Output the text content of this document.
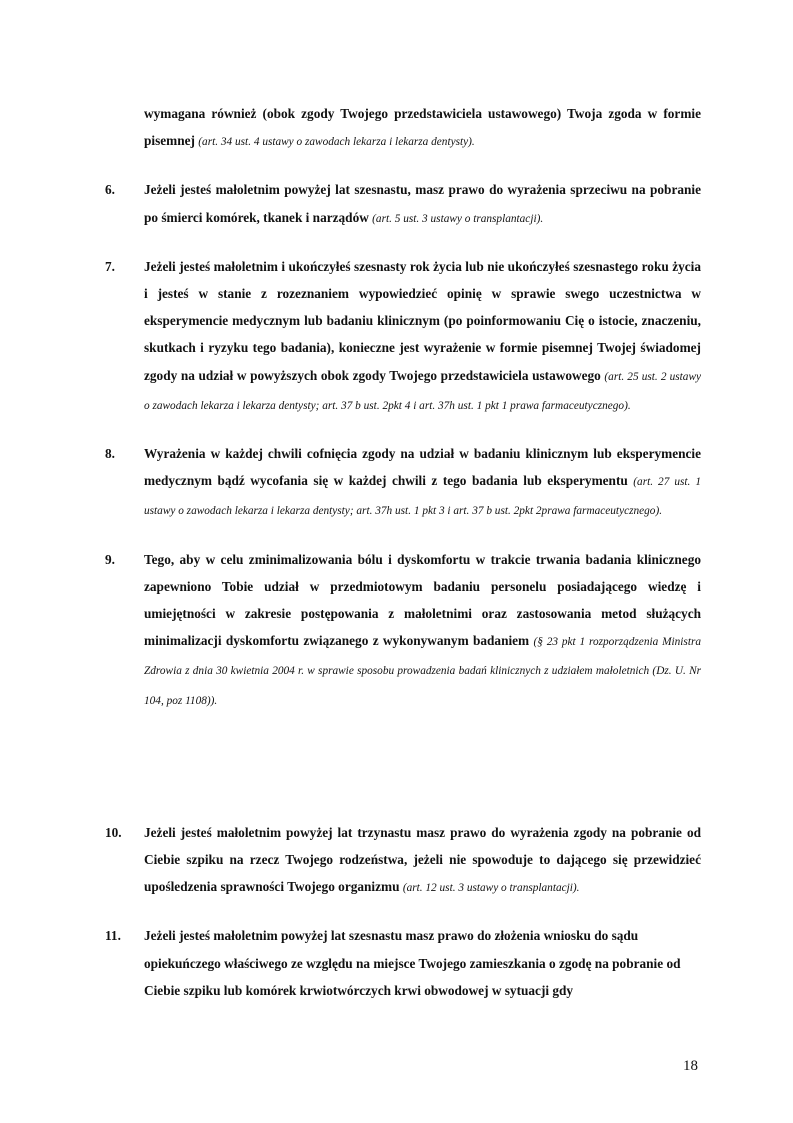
wymagana również (obok zgody Twojego przedstawiciela ustawowego) Twoja zgoda w formie pisemnej (art. 34 ust. 4 ustawy o zawodach lekarza i lekarza dentysty).

6. Jeżeli jesteś małoletnim powyżej lat szesnastu, masz prawo do wyrażenia sprzeciwu na pobranie po śmierci komórek, tkanek i narządów (art. 5 ust. 3 ustawy o transplantacji).

7. Jeżeli jesteś małoletnim i ukończyłeś szesnasty rok życia lub nie ukończyłeś szesnastego roku życia i jesteś w stanie z rozeznaniem wypowiedzieć opinię w sprawie swego uczestnictwa w eksperymencie medycznym lub badaniu klinicznym (po poinformowaniu Cię o istocie, znaczeniu, skutkach i ryzyku tego badania), konieczne jest wyrażenie w formie pisemnej Twojej świadomej zgody na udział w powyższych obok zgody Twojego przedstawiciela ustawowego (art. 25 ust. 2 ustawy o zawodach lekarza i lekarza dentysty; art. 37 b ust. 2pkt 4 i art. 37h ust. 1 pkt 1 prawa farmaceutycznego).

8. Wyrażenia w każdej chwili cofnięcia zgody na udział w badaniu klinicznym lub eksperymencie medycznym bądź wycofania się w każdej chwili z tego badania lub eksperymentu (art. 27 ust. 1 ustawy o zawodach lekarza i lekarza dentysty; art. 37h ust. 1 pkt 3 i art. 37 b ust. 2pkt 2prawa farmaceutycznego).

9. Tego, aby w celu zminimalizowania bólu i dyskomfortu w trakcie trwania badania klinicznego zapewniono Tobie udział w przedmiotowym badaniu personelu posiadającego wiedzę i umiejętności w zakresie postępowania z małoletnimi oraz zastosowania metod służących minimalizacji dyskomfortu związanego z wykonywanym badaniem (§ 23 pkt 1 rozporządzenia Ministra Zdrowia z dnia 30 kwietnia 2004 r. w sprawie sposobu prowadzenia badań klinicznych z udziałem małoletnich (Dz. U. Nr 104, poz 1108)).

10. Jeżeli jesteś małoletnim powyżej lat trzynastu masz prawo do wyrażenia zgody na pobranie od Ciebie szpiku na rzecz Twojego rodzeństwa, jeżeli nie spowoduje to dającego się przewidzieć upośledzenia sprawności Twojego organizmu (art. 12 ust. 3 ustawy o transplantacji).

11. Jeżeli jesteś małoletnim powyżej lat szesnastu masz prawo do złożenia wniosku do sądu opiekuńczego właściwego ze względu na miejsce Twojego zamieszkania o zgodę na pobranie od Ciebie szpiku lub komórek krwiotwórczych krwi obwodowej w sytuacji gdy

18
